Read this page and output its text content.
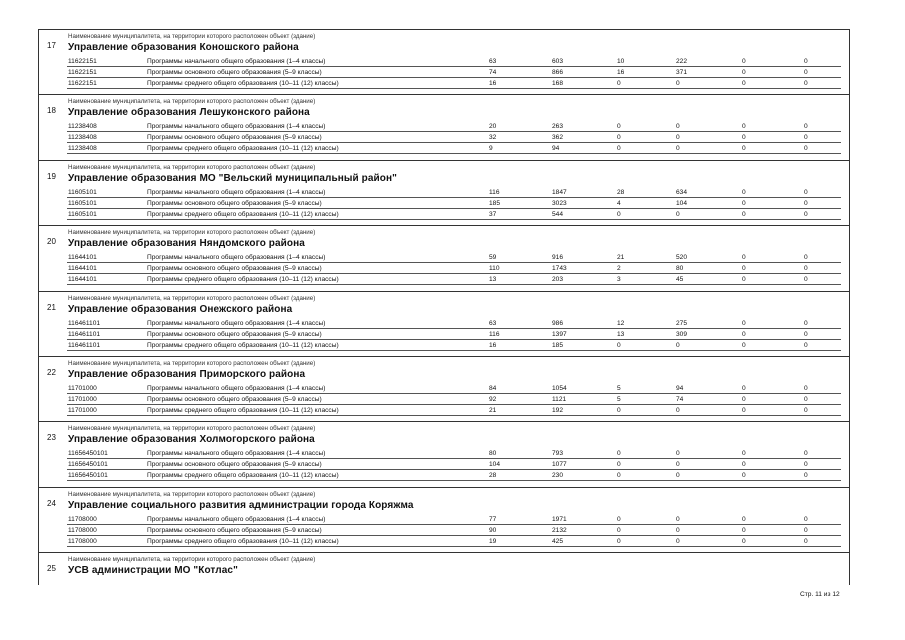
17
Наименование муниципалитета, на территории которого расположен объект (здание)
Управление образования Коношского района
11622151	Программы начального общего образования (1–4 классы)	63	603	10	222	0	0
11622151	Программы основного общего образования (5–9 классы)	74	866	16	371	0	0
11622151	Программы среднего общего образования (10–11 (12) классы)	16	168	0	0	0	0
18
Наименование муниципалитета, на территории которого расположен объект (здание)
Управление образования Лешуконского района
11238408	Программы начального общего образования (1–4 классы)	20	263	0	0	0	0
11238408	Программы основного общего образования (5–9 классы)	32	362	0	0	0	0
11238408	Программы среднего общего образования (10–11 (12) классы)	9	94	0	0	0	0
19
Наименование муниципалитета, на территории которого расположен объект (здание)
Управление образования МО "Вельский муниципальный район"
11605101	Программы начального общего образования (1–4 классы)	116	1847	28	634	0	0
11605101	Программы основного общего образования (5–9 классы)	185	3023	4	104	0	0
11605101	Программы среднего общего образования (10–11 (12) классы)	37	544	0	0	0	0
20
Наименование муниципалитета, на территории которого расположен объект (здание)
Управление образования Няндомского района
11644101	Программы начального общего образования (1–4 классы)	59	916	21	520	0	0
11644101	Программы основного общего образования (5–9 классы)	110	1743	2	80	0	0
11644101	Программы среднего общего образования (10–11 (12) классы)	13	203	3	45	0	0
21
Наименование муниципалитета, на территории которого расположен объект (здание)
Управление образования Онежского района
116461101	Программы начального общего образования (1–4 классы)	63	986	12	275	0	0
116461101	Программы основного общего образования (5–9 классы)	116	1397	13	309	0	0
116461101	Программы среднего общего образования (10–11 (12) классы)	16	185	0	0	0	0
22
Наименование муниципалитета, на территории которого расположен объект (здание)
Управление образования Приморского района
11701000	Программы начального общего образования (1–4 классы)	84	1054	5	94	0	0
11701000	Программы основного общего образования (5–9 классы)	92	1121	5	74	0	0
11701000	Программы среднего общего образования (10–11 (12) классы)	21	192	0	0	0	0
23
Наименование муниципалитета, на территории которого расположен объект (здание)
Управление образования Холмогорского района
11656450101	Программы начального общего образования (1–4 классы)	80	793	0	0	0	0
11656450101	Программы основного общего образования (5–9 классы)	104	1077	0	0	0	0
11656450101	Программы среднего общего образования (10–11 (12) классы)	28	230	0	0	0	0
24
Наименование муниципалитета, на территории которого расположен объект (здание)
Управление социального развития администрации города Коряжма
11708000	Программы начального общего образования (1–4 классы)	77	1971	0	0	0	0
11708000	Программы основного общего образования (5–9 классы)	90	2132	0	0	0	0
11708000	Программы среднего общего образования (10–11 (12) классы)	19	425	0	0	0	0
25
Наименование муниципалитета, на территории которого расположен объект (здание)
УСВ администрации МО "Котлас"
Стр. 11 из 12
